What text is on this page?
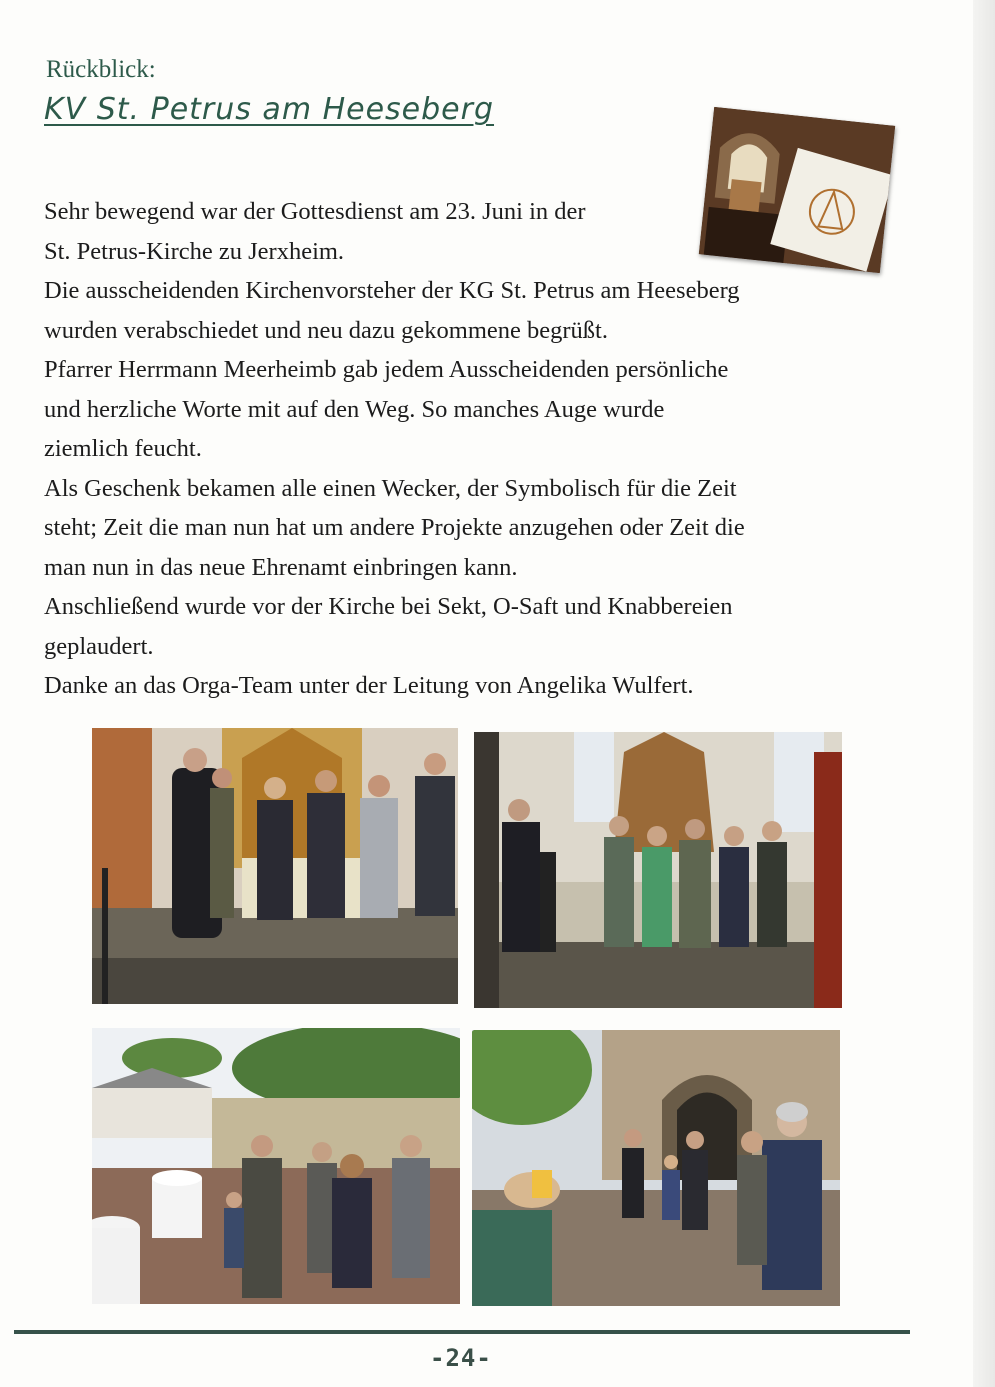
Rückblick:
KV St. Petrus am Heeseberg
Sehr bewegend war der Gottesdienst am 23. Juni in der
St. Petrus-Kirche zu Jerxheim.
Die ausscheidenden Kirchenvorsteher der KG St. Petrus am Heeseberg
wurden verabschiedet und neu dazu gekommene begrüßt.
Pfarrer Herrmann Meerheimb gab jedem Ausscheidenden persönliche
und herzliche Worte mit auf den Weg. So manches Auge wurde
ziemlich feucht.
Als Geschenk bekamen alle einen Wecker, der Symbolisch für die Zeit
steht; Zeit die man nun hat um andere Projekte anzugehen oder Zeit die
man nun in das neue Ehrenamt einbringen kann.
Anschließend wurde vor der Kirche bei Sekt, O-Saft und Knabbereien
geplaudert.
Danke an das Orga-Team unter der Leitung von Angelika Wulfert.
-24-
